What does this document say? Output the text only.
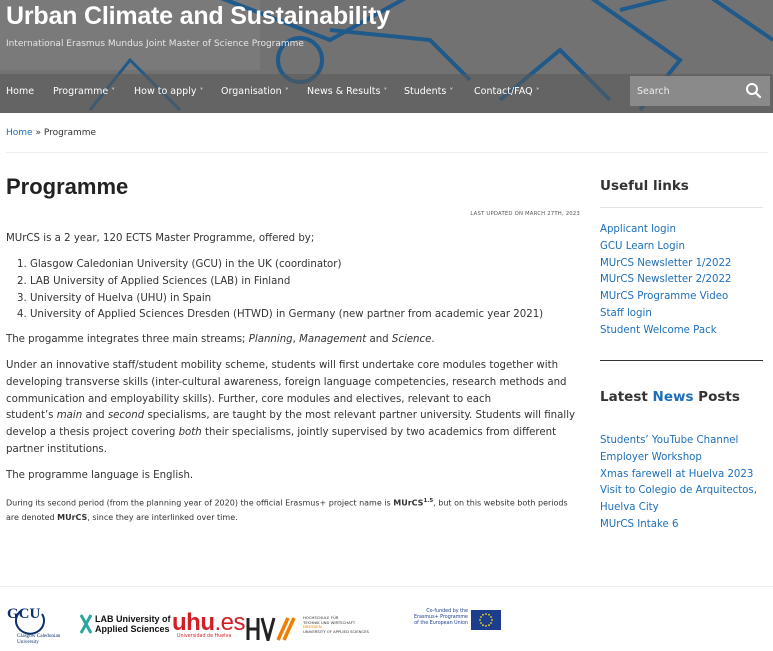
Urban Climate and Sustainability
International Erasmus Mundus Joint Master of Science Programme
Home Programme ˅ How to apply ˅ Organisation ˅ News & Results ˅ Students ˅ Contact/FAQ ˅
Search
Home » Programme
Programme
LAST UPDATED ON MARCH 27TH, 2023

MUrCS is a 2 year, 120 ECTS Master Programme, offered by;

1. Glasgow Caledonian University (GCU) in the UK (coordinator)
2. LAB University of Applied Sciences (LAB) in Finland
3. University of Huelva (UHU) in Spain
4. University of Applied Sciences Dresden (HTWD) in Germany (new partner from academic year 2021)

The progamme integrates three main streams; Planning, Management and Science.

Under an innovative staff/student mobility scheme, students will first undertake core modules together with developing transverse skills (inter-cultural awareness, foreign language competencies, research methods and communication and employability skills). Further, core modules and electives, relevant to each
student’s main and second specialisms, are taught by the most relevant partner university. Students will finally develop a thesis project covering both their specialisms, jointly supervised by two academics from different partner institutions.

The programme language is English.

During its second period (from the planning year of 2020) the official Erasmus+ project name is MUrCS$^{1.5}$, but on this website both periods are denoted MUrCS, since they are interlinked over time.

Useful links
Applicant login
GCU Learn Login
MUrCS Newsletter 1/2022
MUrCS Newsletter 2/2022
MUrCS Programme Video
Staff login
Student Welcome Pack
Latest News Posts
Students’ YouTube Channel
Employer Workshop
Xmas farewell at Huelva 2023
Visit to Colegio de Arquitectos, Huelva City
MUrCS Intake 6
GCU
Glasgow Caledonian University
LAB University of
Applied Sciences uhu.es
Universidad de Huelva
HOCHSCHULE FÜR
TECHNIK UND WIRTSCHAFT
DRESDEN
UNIVERSITY OF APPLIED SCIENCES
Co-funded by the
Erasmus+ Programme
of the European Union
